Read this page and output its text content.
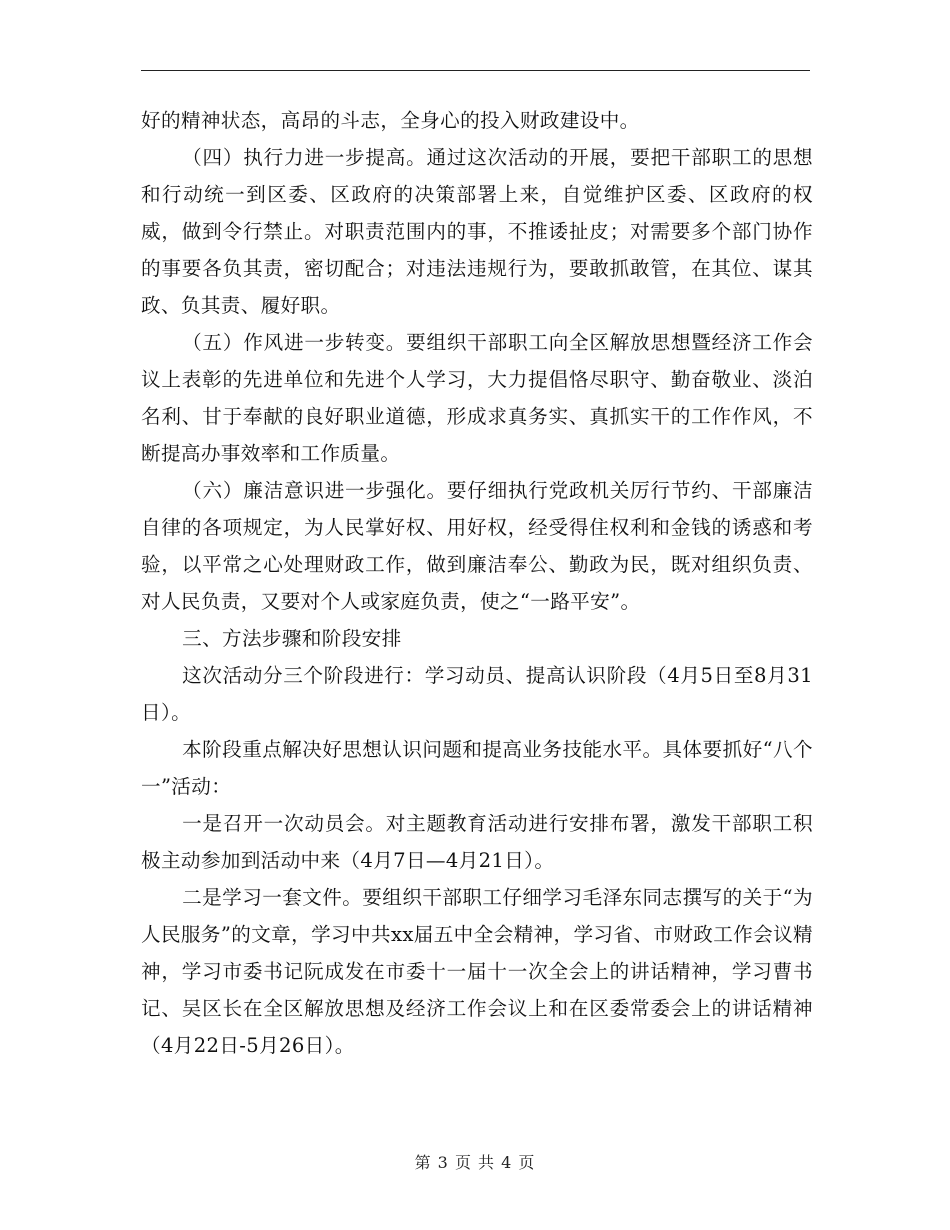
好的精神状态，高昂的斗志，全身心的投入财政建设中。

（四）执行力进一步提高。通过这次活动的开展，要把干部职工的思想和行动统一到区委、区政府的决策部署上来，自觉维护区委、区政府的权威，做到令行禁止。对职责范围内的事，不推诿扯皮；对需要多个部门协作的事要各负其责，密切配合；对违法违规行为，要敢抓敢管，在其位、谋其政、负其责、履好职。

（五）作风进一步转变。要组织干部职工向全区解放思想暨经济工作会议上表彰的先进单位和先进个人学习，大力提倡恪尽职守、勤奋敬业、淡泊名利、甘于奉献的良好职业道德，形成求真务实、真抓实干的工作作风，不断提高办事效率和工作质量。

（六）廉洁意识进一步强化。要仔细执行党政机关厉行节约、干部廉洁自律的各项规定，为人民掌好权、用好权，经受得住权利和金钱的诱惑和考验，以平常之心处理财政工作，做到廉洁奉公、勤政为民，既对组织负责、对人民负责，又要对个人或家庭负责，使之“一路平安”。

三、方法步骤和阶段安排

这次活动分三个阶段进行：学习动员、提高认识阶段（4月5日至8月31日）。

本阶段重点解决好思想认识问题和提高业务技能水平。具体要抓好“八个一”活动：

一是召开一次动员会。对主题教育活动进行安排布署，激发干部职工积极主动参加到活动中来（4月7日—4月21日）。

二是学习一套文件。要组织干部职工仔细学习毛泽东同志撰写的关于“为人民服务”的文章，学习中共xx届五中全会精神，学习省、市财政工作会议精神，学习市委书记阮成发在市委十一届十一次全会上的讲话精神，学习曹书记、吴区长在全区解放思想及经济工作会议上和在区委常委会上的讲话精神（4月22日-5月26日）。

第 3 页 共 4 页
